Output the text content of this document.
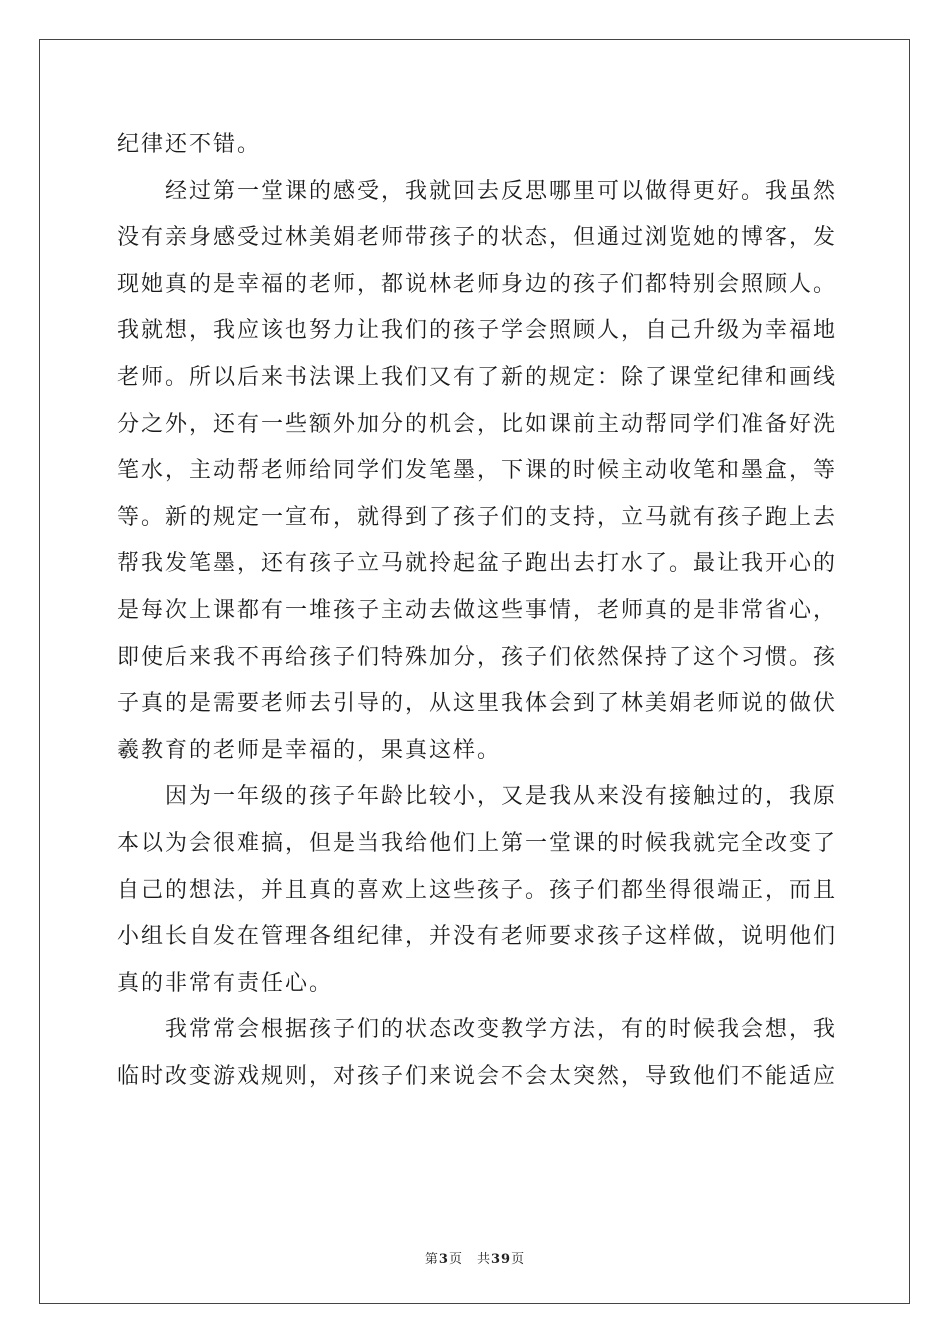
纪律还不错。
　　经过第一堂课的感受，我就回去反思哪里可以做得更好。我虽然
没有亲身感受过林美娟老师带孩子的状态，但通过浏览她的博客，发
现她真的是幸福的老师，都说林老师身边的孩子们都特别会照顾人。
我就想，我应该也努力让我们的孩子学会照顾人，自己升级为幸福地
老师。所以后来书法课上我们又有了新的规定：除了课堂纪律和画线
分之外，还有一些额外加分的机会，比如课前主动帮同学们准备好洗
笔水，主动帮老师给同学们发笔墨，下课的时候主动收笔和墨盒，等
等。新的规定一宣布，就得到了孩子们的支持，立马就有孩子跑上去
帮我发笔墨，还有孩子立马就拎起盆子跑出去打水了。最让我开心的
是每次上课都有一堆孩子主动去做这些事情，老师真的是非常省心，
即使后来我不再给孩子们特殊加分，孩子们依然保持了这个习惯。孩
子真的是需要老师去引导的，从这里我体会到了林美娟老师说的做伏
羲教育的老师是幸福的，果真这样。
　　因为一年级的孩子年龄比较小，又是我从来没有接触过的，我原
本以为会很难搞，但是当我给他们上第一堂课的时候我就完全改变了
自己的想法，并且真的喜欢上这些孩子。孩子们都坐得很端正，而且
小组长自发在管理各组纪律，并没有老师要求孩子这样做，说明他们
真的非常有责任心。
　　我常常会根据孩子们的状态改变教学方法，有的时候我会想，我
临时改变游戏规则，对孩子们来说会不会太突然，导致他们不能适应
第3页 共39页
